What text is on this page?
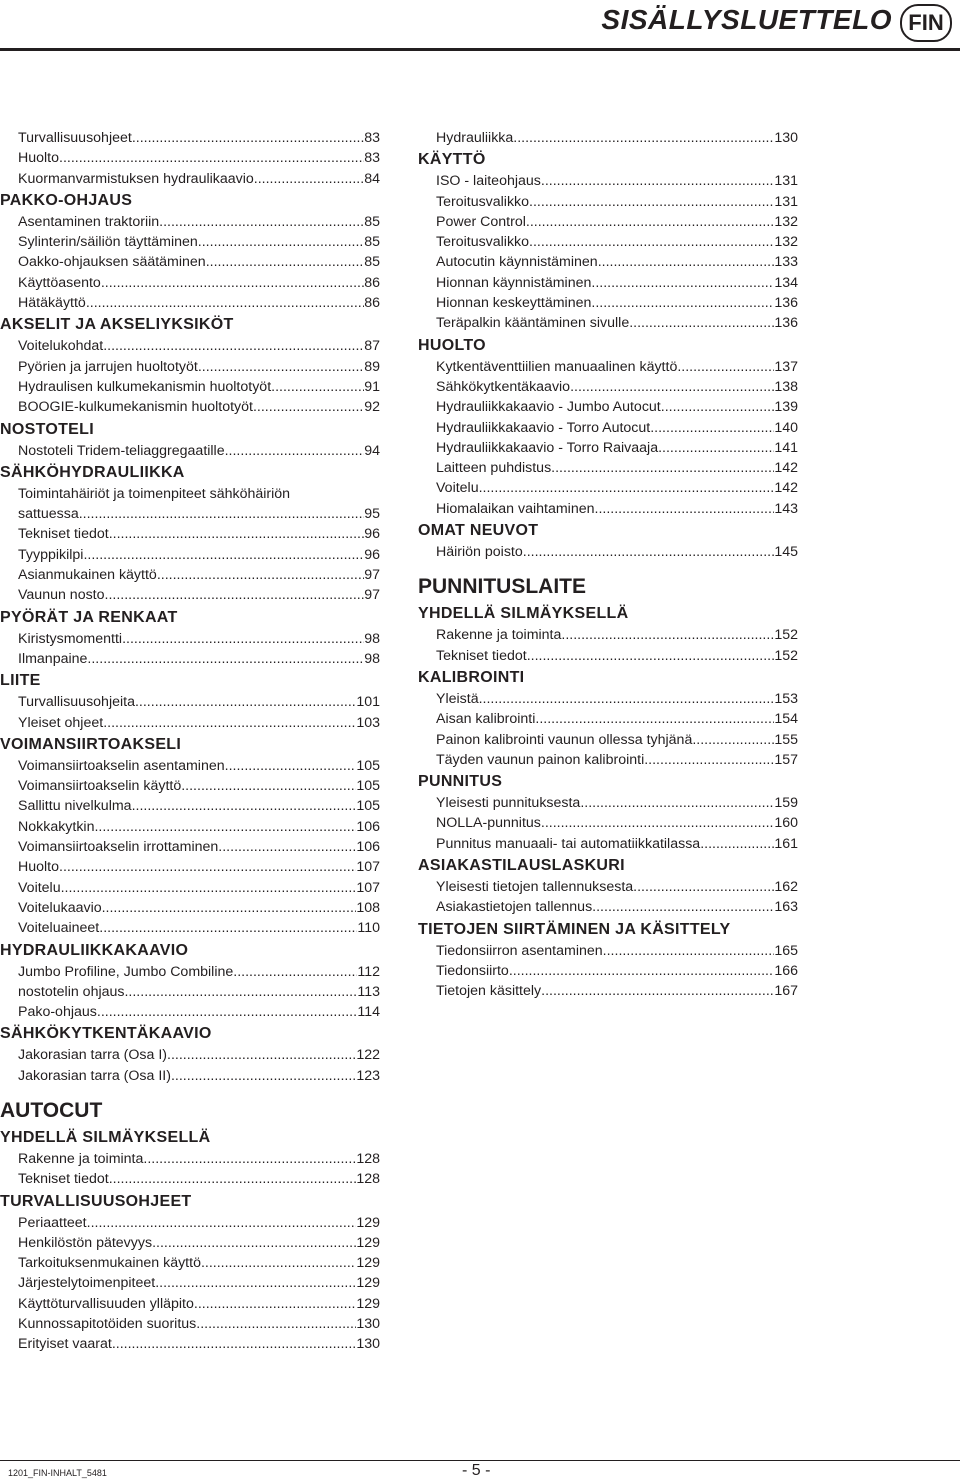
SISÄLLYSLUETTELO FIN
Turvallisuusohjeet .....	83
Huolto .....	83
Kuormanvarmistuksen hydraulikaavio .....	84
PAKKO-OHJAUS
Asentaminen traktoriin .....	85
Sylinterin/säiliön täyttäminen .....	85
Oakko-ohjauksen säätäminen .....	85
Käyttöasento .....	86
Hätäkäyttö .....	86
AKSELIT JA AKSELIYKSIKÖT
Voitelukohdat .....	87
Pyörien ja jarrujen huoltotyöt .....	89
Hydraulisen kulkumekanismin huoltotyöt .....	91
BOOGIE-kulkumekanismin huoltotyöt .....	92
NOSTOTELI
Nostoteli Tridem-teliaggregaatille .....	94
SÄHKÖHYDRAULIIKKA
Toimintahäiriöt ja toimenpiteet sähköhäiriön
sattuessa .....	95
Tekniset tiedot .....	96
Tyyppikilpi .....	96
Asianmukainen käyttö .....	97
Vaunun nosto .....	97
PYÖRÄT JA RENKAAT
Kiristysmomentti .....	98
Ilmanpaine .....	98
LIITE
Turvallisuusohjeita .....	101
Yleiset ohjeet .....	103
VOIMANSIIRTOAKSELI
Voimansiirtoakselin asentaminen .....	105
Voimansiirtoakselin käyttö .....	105
Sallittu nivelkulma .....	105
Nokkakytkin .....	106
Voimansiirtoakselin irrottaminen .....	106
Huolto .....	107
Voitelu .....	107
Voitelukaavio .....	108
Voiteluaineet .....	110
HYDRAULIIKKAKAAVIO
Jumbo Profiline, Jumbo Combiline .....	112
nostotelin ohjaus .....	113
Pako-ohjaus .....	114
SÄHKÖKYTKENTÄKAAVIO
Jakorasian tarra (Osa I) .....	122
Jakorasian tarra (Osa II) .....	123
AUTOCUT
YHDELLÄ SILMÄYKSELLÄ
Rakenne ja toiminta .....	128
Tekniset tiedot .....	128
TURVALLISUUSOHJEET
Periaatteet .....	129
Henkilöstön pätevyys .....	129
Tarkoituksenmukainen käyttö .....	129
Järjestelytoimenpiteet .....	129
Käyttöturvallisuuden ylläpito .....	129
Kunnossapitotöiden suoritus .....	130
Erityiset vaarat .....	130
Hydrauliikka .....	130
KÄYTTÖ
ISO - laiteohjaus .....	131
Teroitusvalikko .....	131
Power Control .....	132
Teroitusvalikko .....	132
Autocutin käynnistäminen .....	133
Hionnan käynnistäminen .....	134
Hionnan keskeyttäminen .....	136
Teräpalkin kääntäminen sivulle .....	136
HUOLTO
Kytkentäventtiilien manuaalinen käyttö .....	137
Sähkökytkentäkaavio .....	138
Hydrauliikkakaavio - Jumbo Autocut .....	139
Hydrauliikkakaavio - Torro Autocut .....	140
Hydrauliikkakaavio - Torro Raivaaja .....	141
Laitteen puhdistus .....	142
Voitelu .....	142
Hiomalaikan vaihtaminen .....	143
OMAT NEUVOT
Häiriön poisto .....	145
PUNNITUSLAITE
YHDELLÄ SILMÄYKSELLÄ
Rakenne ja toiminta .....	152
Tekniset tiedot .....	152
KALIBROINTI
Yleistä .....	153
Aisan kalibrointi .....	154
Painon kalibrointi vaunun ollessa tyhjänä .....	155
Täyden vaunun painon kalibrointi .....	157
PUNNITUS
Yleisesti punnituksesta .....	159
NOLLA-punnitus .....	160
Punnitus manuaali- tai automatiikkatilassa .....	161
ASIAKASTILAUSLASKURI
Yleisesti tietojen tallennuksesta .....	162
Asiakastietojen tallennus .....	163
TIETOJEN SIIRTÄMINEN JA KÄSITTELY
Tiedonsiirron asentaminen .....	165
Tiedonsiirto .....	166
Tietojen käsittely .....	167
1201_FIN-INHALT_5481	- 5 -
